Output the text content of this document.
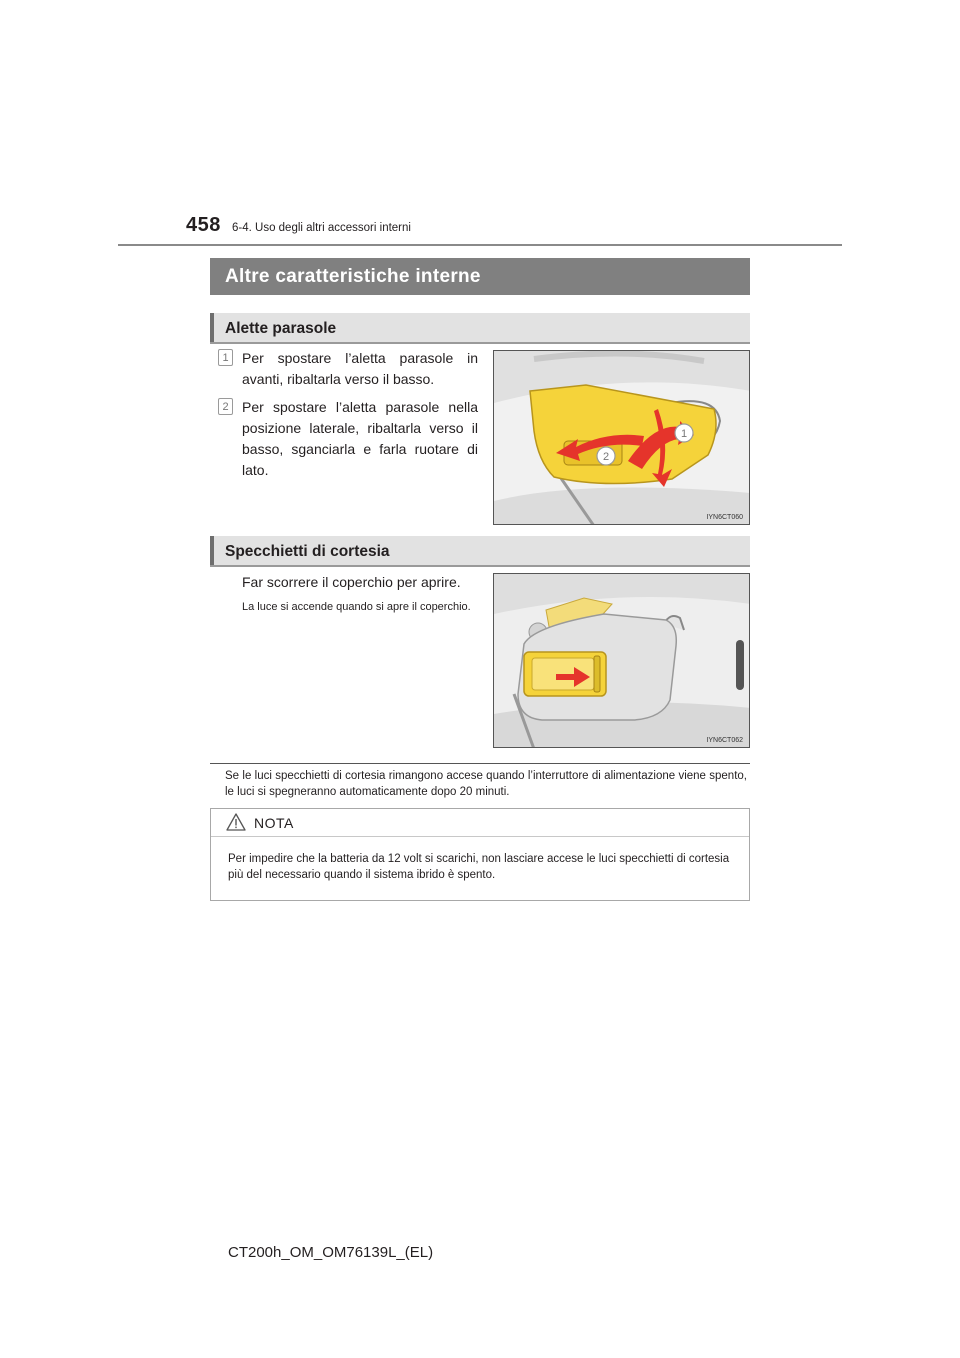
458 6-4. Uso degli altri accessori interni
Altre caratteristiche interne
Alette parasole
1 Per spostare l’aletta parasole in avanti, ribaltarla verso il basso.
2 Per spostare l’aletta parasole nella posizione laterale, ribaltarla verso il basso, sganciarla e farla ruotare di lato.
1
2
IYN6CT060
Specchietti di cortesia
Far scorrere il coperchio per aprire.
La luce si accende quando si apre il coperchio.
IYN6CT062
Se le luci specchietti di cortesia rimangono accese quando l’interruttore di alimentazione viene spento, le luci si spegneranno automaticamente dopo 20 minuti.
NOTA
Per impedire che la batteria da 12 volt si scarichi, non lasciare accese le luci specchietti di cortesia più del necessario quando il sistema ibrido è spento.
CT200h_OM_OM76139L_(EL)
